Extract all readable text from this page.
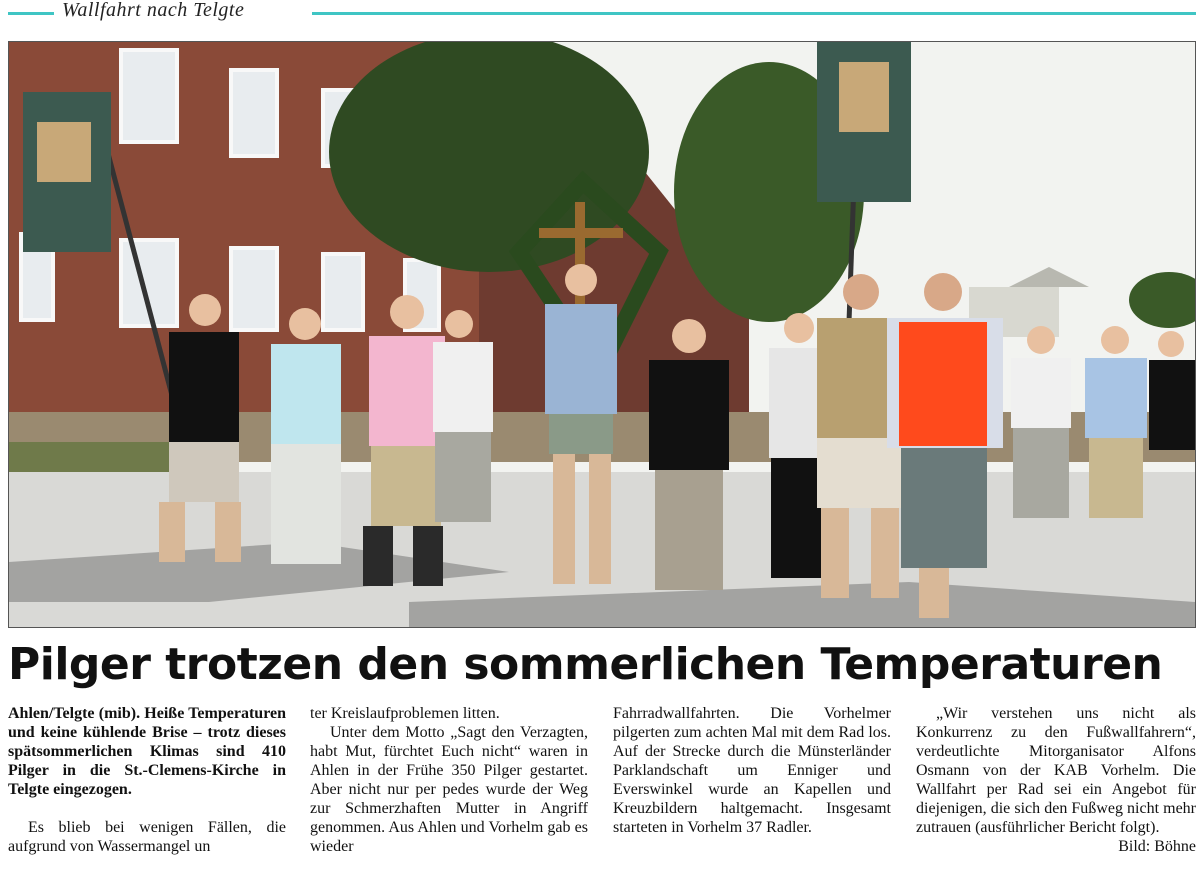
Wallfahrt nach Telgte
Pilger trotzen den sommerlichen Temperaturen

Ahlen/Telgte (mib). Heiße Temperaturen und keine kühlende Brise – trotz dieses spätsommerlichen Klimas sind 410 Pilger in die St.-Clemens-Kirche in Telgte eingezogen.

Es blieb bei wenigen Fällen, die aufgrund von Wassermangel un

ter Kreislaufproblemen litten.

Unter dem Motto „Sagt den Verzagten, habt Mut, fürchtet Euch nicht“ waren in Ahlen in der Frühe 350 Pilger gestartet. Aber nicht nur per pedes wurde der Weg zur Schmerzhaften Mutter in Angriff genommen. Aus Ahlen und Vorhelm gab es wieder

Fahrradwallfahrten. Die Vorhelmer pilgerten zum achten Mal mit dem Rad los. Auf der Strecke durch die Münsterländer Parklandschaft um Enniger und Everswinkel wurde an Kapellen und Kreuzbildern haltgemacht. Insgesamt starteten in Vorhelm 37 Radler.

„Wir verstehen uns nicht als Konkurrenz zu den Fußwallfahrern“, verdeutlichte Mitorganisator Alfons Osmann von der KAB Vorhelm. Die Wallfahrt per Rad sei ein Angebot für diejenigen, die sich den Fußweg nicht mehr zutrauen (ausführlicher Bericht folgt).

Bild: Böhne
